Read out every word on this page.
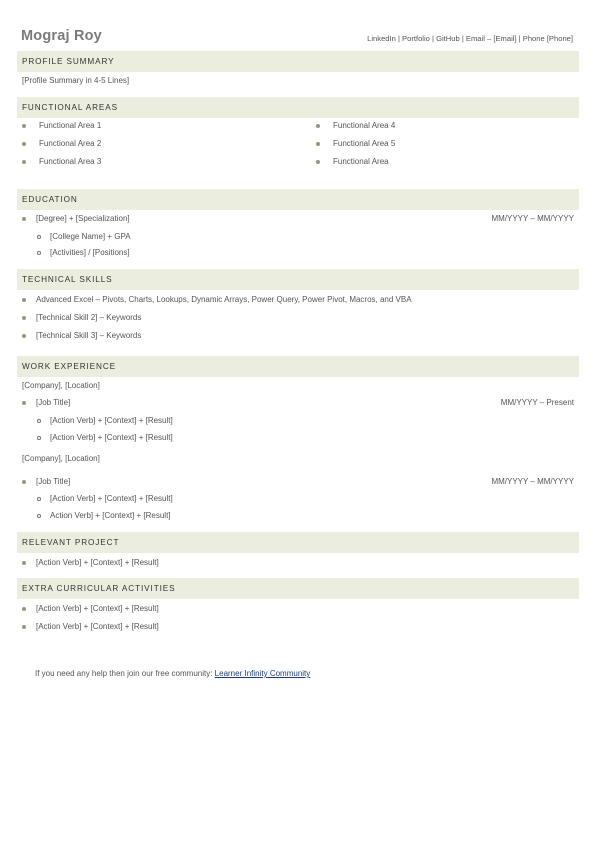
Mograj Roy	LinkedIn | Portfolio | GitHub | Email – [Email] | Phone [Phone]
PROFILE SUMMARY
[Profile Summary in 4-5 Lines]
FUNCTIONAL AREAS
Functional Area 1
Functional Area 2
Functional Area 3
Functional Area 4
Functional Area 5
Functional Area
EDUCATION
[Degree] + [Specialization]	MM/YYYY – MM/YYYY
[College Name] + GPA
[Activities] / [Positions]
TECHNICAL SKILLS
Advanced Excel – Pivots, Charts, Lookups, Dynamic Arrays, Power Query, Power Pivot, Macros, and VBA
[Technical Skill 2] – Keywords
[Technical Skill 3] – Keywords
WORK EXPERIENCE
[Company], [Location]
[Job Title]	MM/YYYY – Present
[Action Verb] + [Context] + [Result]
[Action Verb] + [Context] + [Result]
[Company], [Location]
[Job Title]	MM/YYYY – MM/YYYY
[Action Verb] + [Context] + [Result]
Action Verb] + [Context] + [Result]
RELEVANT PROJECT
[Action Verb] + [Context] + [Result]
EXTRA CURRICULAR ACTIVITIES
[Action Verb] + [Context] + [Result]
[Action Verb] + [Context] + [Result]
If you need any help then join our free community: Learner Infinity Community
